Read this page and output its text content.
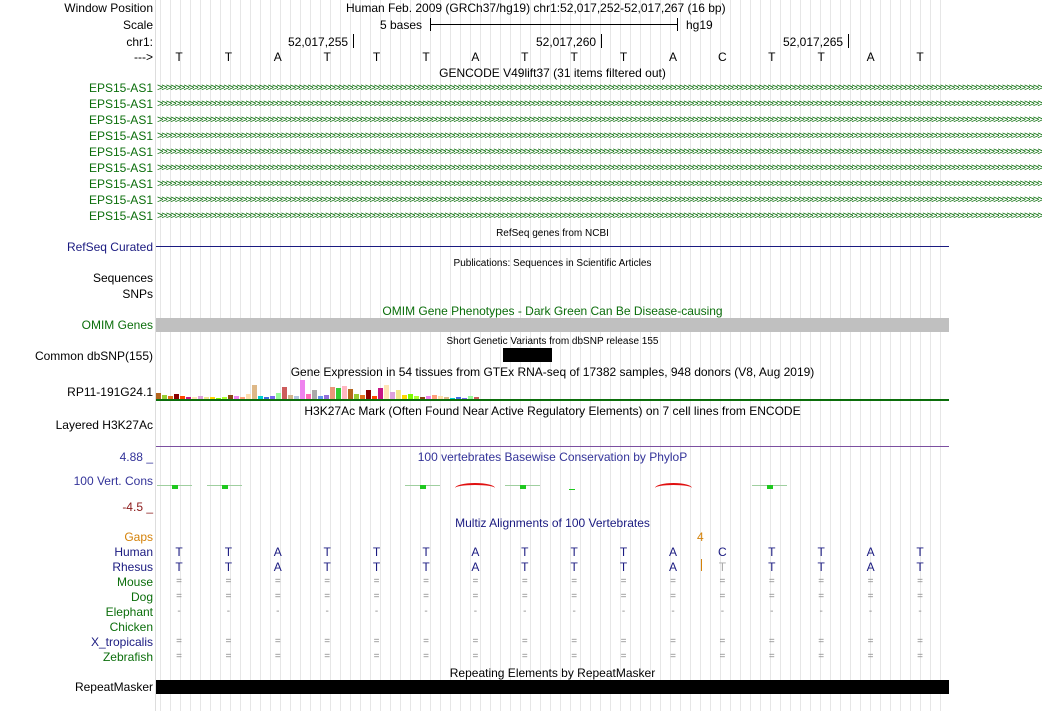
Window Position	Human Feb. 2009 (GRCh37/hg19) chr1:52,017,252-52,017,267 (16 bp)
Scale	5 bases	hg19
chr1:	52,017,255	52,017,260	52,017,265
--->	T	T	A	T	T	T	A	T	T	T	A	C	T	T	A	T
GENCODE V49lift37 (31 items filtered out)
EPS15-AS1 >>>>>>>>>>>>>>>>>>>>>>>>>>>>>>>>>>>>>>>>>>>>>>>>>>>>>>>>>>>>>>>>>>>>>>>>>>>>>>>>>>>>>>>>>>>>>>>>>>>>>>>>>>>>>>>>>>>>>>>>>>>>>>>>>>>>>>>>>>>>>>>>>>>>>>>>>>>>>>>>>>>>>>>>>>>>>>>>>>>>>>>>>>>>>>>>>>>>>>>>
EPS15-AS1 >>>>>>>>>>>>>>>>>>>>>>>>>>>>>>>>>>>>>>>>>>>>>>>>>>>>>>>>>>>>>>>>>>>>>>>>>>>>>>>>>>>>>>>>>>>>>>>>>>>>>>>>>>>>>>>>>>>>>>>>>>>>>>>>>>>>>>>>>>>>>>>>>>>>>>>>>>>>>>>>>>>>>>>>>>>>>>>>>>>>>>>>>>>>>>>>>>>>>>>>
EPS15-AS1 >>>>>>>>>>>>>>>>>>>>>>>>>>>>>>>>>>>>>>>>>>>>>>>>>>>>>>>>>>>>>>>>>>>>>>>>>>>>>>>>>>>>>>>>>>>>>>>>>>>>>>>>>>>>>>>>>>>>>>>>>>>>>>>>>>>>>>>>>>>>>>>>>>>>>>>>>>>>>>>>>>>>>>>>>>>>>>>>>>>>>>>>>>>>>>>>>>>>>>>>
EPS15-AS1 >>>>>>>>>>>>>>>>>>>>>>>>>>>>>>>>>>>>>>>>>>>>>>>>>>>>>>>>>>>>>>>>>>>>>>>>>>>>>>>>>>>>>>>>>>>>>>>>>>>>>>>>>>>>>>>>>>>>>>>>>>>>>>>>>>>>>>>>>>>>>>>>>>>>>>>>>>>>>>>>>>>>>>>>>>>>>>>>>>>>>>>>>>>>>>>>>>>>>>>>
EPS15-AS1 >>>>>>>>>>>>>>>>>>>>>>>>>>>>>>>>>>>>>>>>>>>>>>>>>>>>>>>>>>>>>>>>>>>>>>>>>>>>>>>>>>>>>>>>>>>>>>>>>>>>>>>>>>>>>>>>>>>>>>>>>>>>>>>>>>>>>>>>>>>>>>>>>>>>>>>>>>>>>>>>>>>>>>>>>>>>>>>>>>>>>>>>>>>>>>>>>>>>>>>>
EPS15-AS1 >>>>>>>>>>>>>>>>>>>>>>>>>>>>>>>>>>>>>>>>>>>>>>>>>>>>>>>>>>>>>>>>>>>>>>>>>>>>>>>>>>>>>>>>>>>>>>>>>>>>>>>>>>>>>>>>>>>>>>>>>>>>>>>>>>>>>>>>>>>>>>>>>>>>>>>>>>>>>>>>>>>>>>>>>>>>>>>>>>>>>>>>>>>>>>>>>>>>>>>>
EPS15-AS1 >>>>>>>>>>>>>>>>>>>>>>>>>>>>>>>>>>>>>>>>>>>>>>>>>>>>>>>>>>>>>>>>>>>>>>>>>>>>>>>>>>>>>>>>>>>>>>>>>>>>>>>>>>>>>>>>>>>>>>>>>>>>>>>>>>>>>>>>>>>>>>>>>>>>>>>>>>>>>>>>>>>>>>>>>>>>>>>>>>>>>>>>>>>>>>>>>>>>>>>>
EPS15-AS1 >>>>>>>>>>>>>>>>>>>>>>>>>>>>>>>>>>>>>>>>>>>>>>>>>>>>>>>>>>>>>>>>>>>>>>>>>>>>>>>>>>>>>>>>>>>>>>>>>>>>>>>>>>>>>>>>>>>>>>>>>>>>>>>>>>>>>>>>>>>>>>>>>>>>>>>>>>>>>>>>>>>>>>>>>>>>>>>>>>>>>>>>>>>>>>>>>>>>>>>>
EPS15-AS1 >>>>>>>>>>>>>>>>>>>>>>>>>>>>>>>>>>>>>>>>>>>>>>>>>>>>>>>>>>>>>>>>>>>>>>>>>>>>>>>>>>>>>>>>>>>>>>>>>>>>>>>>>>>>>>>>>>>>>>>>>>>>>>>>>>>>>>>>>>>>>>>>>>>>>>>>>>>>>>>>>>>>>>>>>>>>>>>>>>>>>>>>>>>>>>>>>>>>>>>>
RefSeq genes from NCBI
RefSeq Curated
Publications: Sequences in Scientific Articles
Sequences
SNPs
OMIM Gene Phenotypes - Dark Green Can Be Disease-causing
OMIM Genes
Short Genetic Variants from dbSNP release 155
Common dbSNP(155)
Gene Expression in 54 tissues from GTEx RNA-seq of 17382 samples, 948 donors (V8, Aug 2019)
RP11-191G24.1
H3K27Ac Mark (Often Found Near Active Regulatory Elements) on 7 cell lines from ENCODE
Layered H3K27Ac
100 vertebrates Basewise Conservation by PhyloP
4.88 _
100 Vert. Cons
-4.5 _
Multiz Alignments of 100 Vertebrates
Gaps	4
Human	T	T	A	T	T	T	A	T	T	T	A	C	T	T	A	T
Rhesus	T	T	A	T	T	T	A	T	T	T	A	T	T	T	A	T
Mouse	=	=	=	=	=	=	=	=	=	=	=	=	=	=	=	=
Dog	=	=	=	=	=	=	=	=	=	=	=	=	=	=	=	=
Elephant	-	-	-	-	-	-	-	-	-	-	-	-	-	-	-	-
Chicken
X_tropicalis	=	=	=	=	=	=	=	=	=	=	=	=	=	=	=	=
Zebrafish	=	=	=	=	=	=	=	=	=	=	=	=	=	=	=	=
Repeating Elements by RepeatMasker
RepeatMasker
